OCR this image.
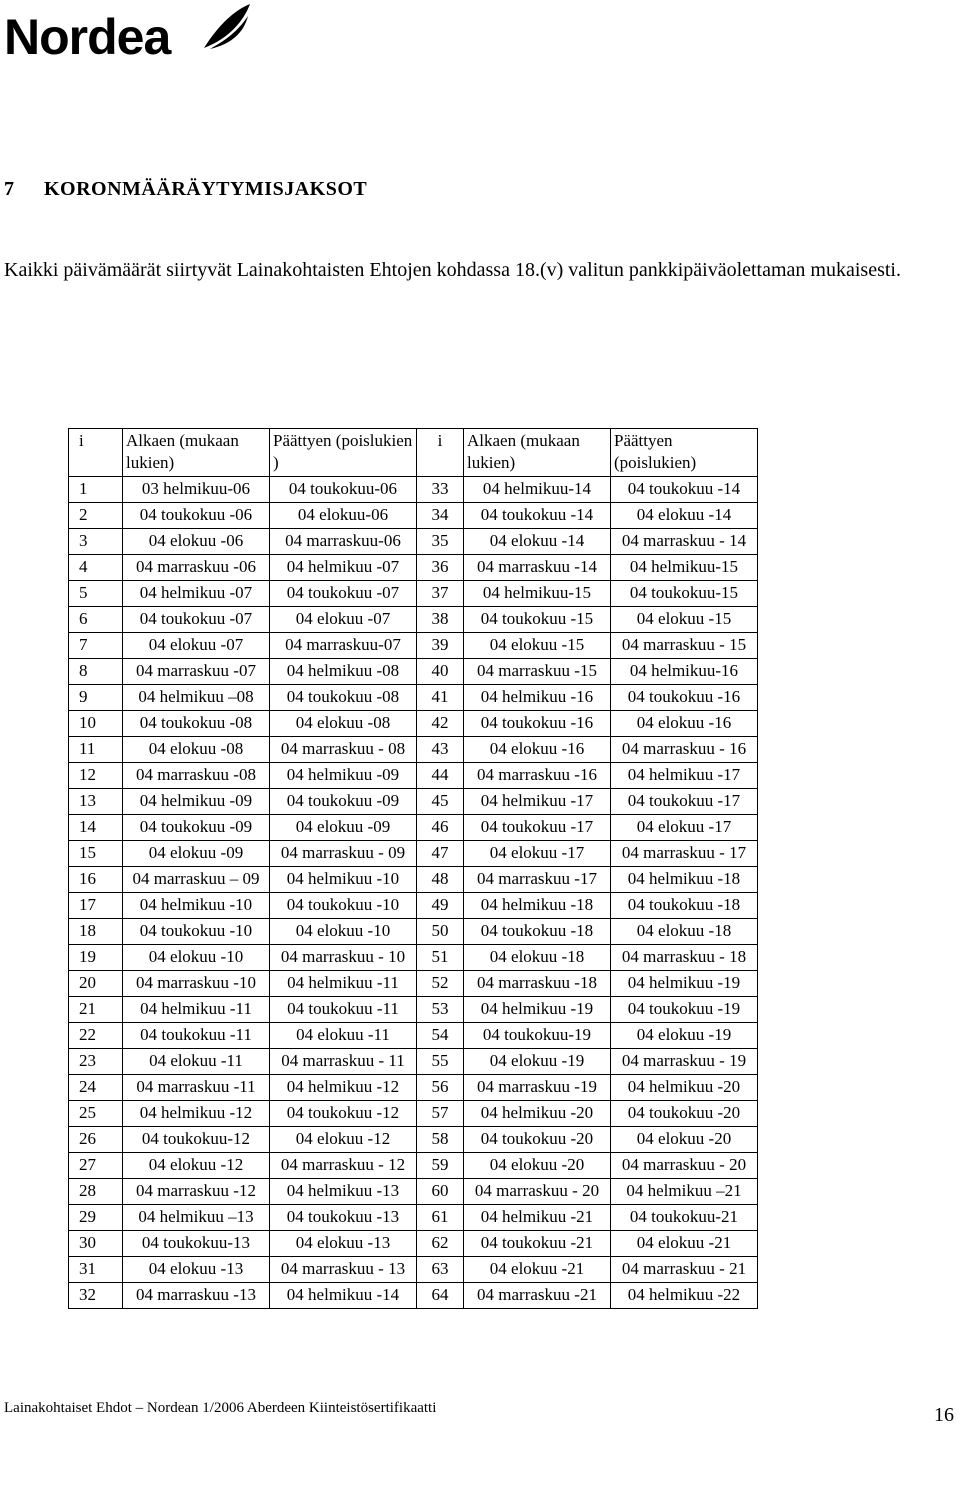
Nordea
7 KORONMÄÄRÄYTYMISJAKSOT
Kaikki päivämäärät siirtyvät Lainakohtaisten Ehtojen kohdassa 18.(v) valitun pankkipäiväolettaman mukaisesti.
i	Alkaen (mukaan lukien)	Päättyen (poislukien )	i	Alkaen (mukaan lukien)	Päättyen (poislukien)
1	03 helmikuu-06	04 toukokuu-06	33	04 helmikuu-14	04 toukokuu -14
2	04 toukokuu -06	04 elokuu-06	34	04 toukokuu -14	04 elokuu -14
3	04 elokuu -06	04 marraskuu-06	35	04 elokuu -14	04 marraskuu - 14
4	04 marraskuu -06	04 helmikuu -07	36	04 marraskuu -14	04 helmikuu-15
5	04 helmikuu -07	04 toukokuu -07	37	04 helmikuu-15	04 toukokuu-15
6	04 toukokuu -07	04 elokuu -07	38	04 toukokuu -15	04 elokuu -15
7	04 elokuu -07	04 marraskuu-07	39	04 elokuu -15	04 marraskuu - 15
8	04 marraskuu -07	04 helmikuu -08	40	04 marraskuu -15	04 helmikuu-16
9	04 helmikuu –08	04 toukokuu -08	41	04 helmikuu -16	04 toukokuu -16
10	04 toukokuu -08	04 elokuu -08	42	04 toukokuu -16	04 elokuu -16
11	04 elokuu -08	04 marraskuu - 08	43	04 elokuu -16	04 marraskuu - 16
12	04 marraskuu -08	04 helmikuu -09	44	04 marraskuu -16	04 helmikuu -17
13	04 helmikuu -09	04 toukokuu -09	45	04 helmikuu -17	04 toukokuu -17
14	04 toukokuu -09	04 elokuu -09	46	04 toukokuu -17	04 elokuu -17
15	04 elokuu -09	04 marraskuu - 09	47	04 elokuu -17	04 marraskuu - 17
16	04 marraskuu – 09	04 helmikuu -10	48	04 marraskuu -17	04 helmikuu -18
17	04 helmikuu -10	04 toukokuu -10	49	04 helmikuu -18	04 toukokuu -18
18	04 toukokuu -10	04 elokuu -10	50	04 toukokuu -18	04 elokuu -18
19	04 elokuu -10	04 marraskuu - 10	51	04 elokuu -18	04 marraskuu - 18
20	04 marraskuu -10	04 helmikuu -11	52	04 marraskuu -18	04 helmikuu -19
21	04 helmikuu -11	04 toukokuu -11	53	04 helmikuu -19	04 toukokuu -19
22	04 toukokuu -11	04 elokuu -11	54	04 toukokuu-19	04 elokuu -19
23	04 elokuu -11	04 marraskuu - 11	55	04 elokuu -19	04 marraskuu - 19
24	04 marraskuu -11	04 helmikuu -12	56	04 marraskuu -19	04 helmikuu -20
25	04 helmikuu -12	04 toukokuu -12	57	04 helmikuu -20	04 toukokuu -20
26	04 toukokuu-12	04 elokuu -12	58	04 toukokuu -20	04 elokuu -20
27	04 elokuu -12	04 marraskuu - 12	59	04 elokuu -20	04 marraskuu - 20
28	04 marraskuu -12	04 helmikuu -13	60	04 marraskuu - 20	04 helmikuu –21
29	04 helmikuu –13	04 toukokuu -13	61	04 helmikuu -21	04 toukokuu-21
30	04 toukokuu-13	04 elokuu -13	62	04 toukokuu -21	04 elokuu -21
31	04 elokuu -13	04 marraskuu - 13	63	04 elokuu -21	04 marraskuu - 21
32	04 marraskuu -13	04 helmikuu -14	64	04 marraskuu -21	04 helmikuu -22
Lainakohtaiset Ehdot – Nordean 1/2006 Aberdeen Kiinteistösertifikaatti	16
